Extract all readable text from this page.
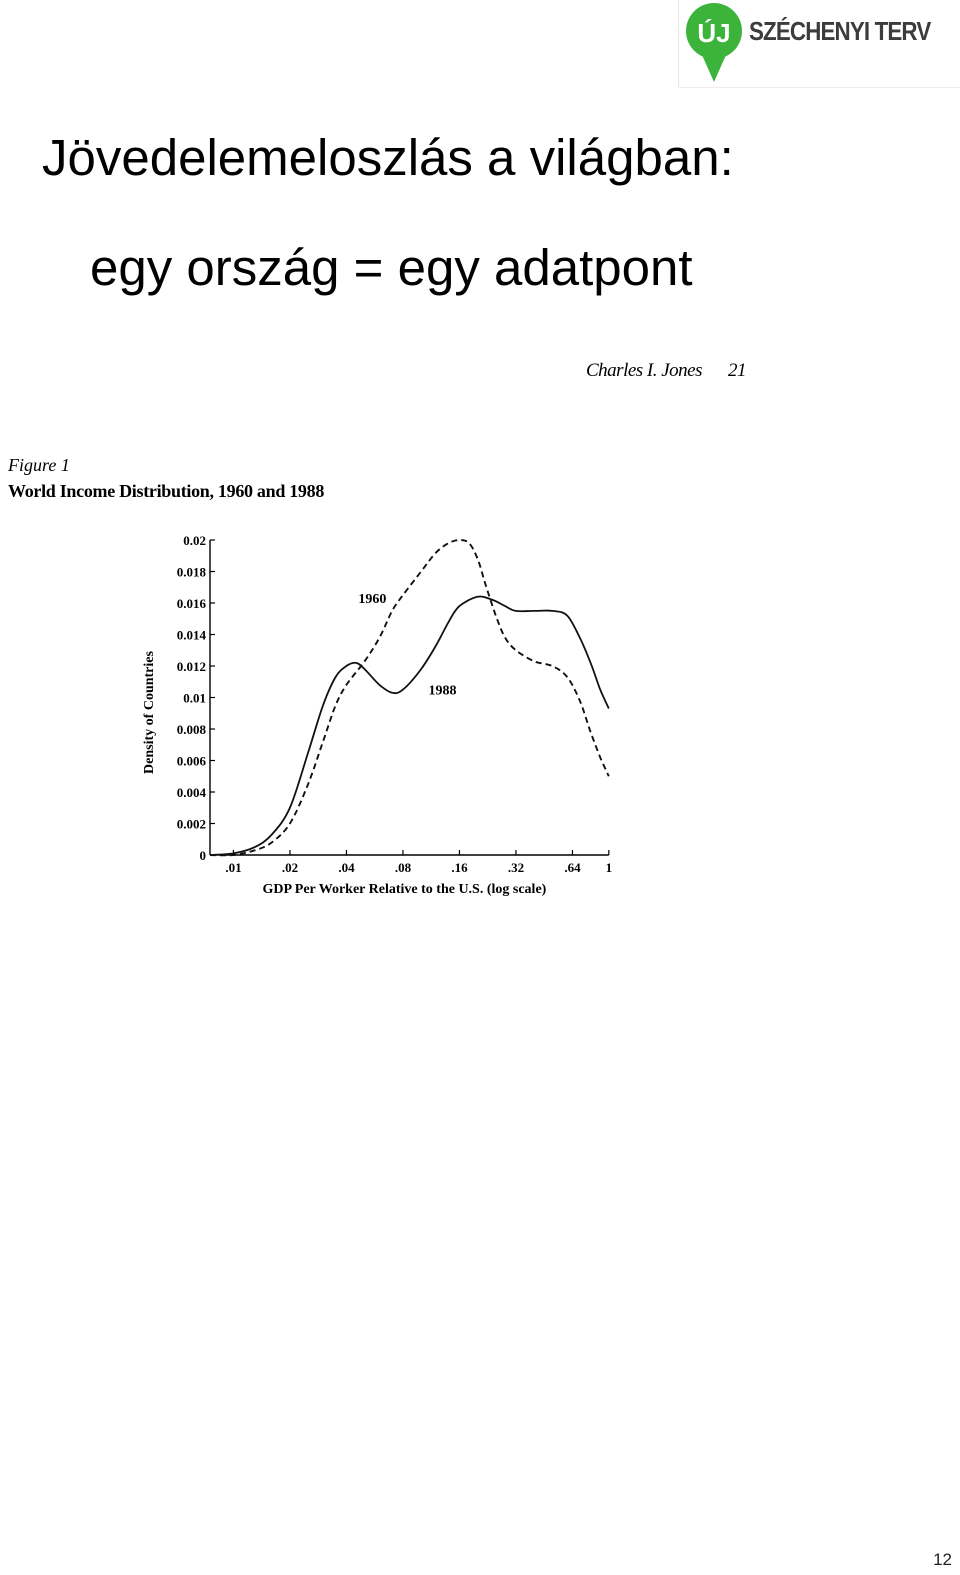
ÚJ SZÉCHENYI TERV
Jövedelemeloszlás a világban:
egy ország = egy adatpont
Charles I. Jones 21
Figure 1
World Income Distribution, 1960 and 1988
0
0.002
0.004
0.006
0.008
0.01
0.012
0.014
0.016
0.018
0.02
.01	.02	.04	.08	.16	.32	.64 1
GDP Per Worker Relative to the U.S. (log scale)
Density of Countries
1960
1988
12
